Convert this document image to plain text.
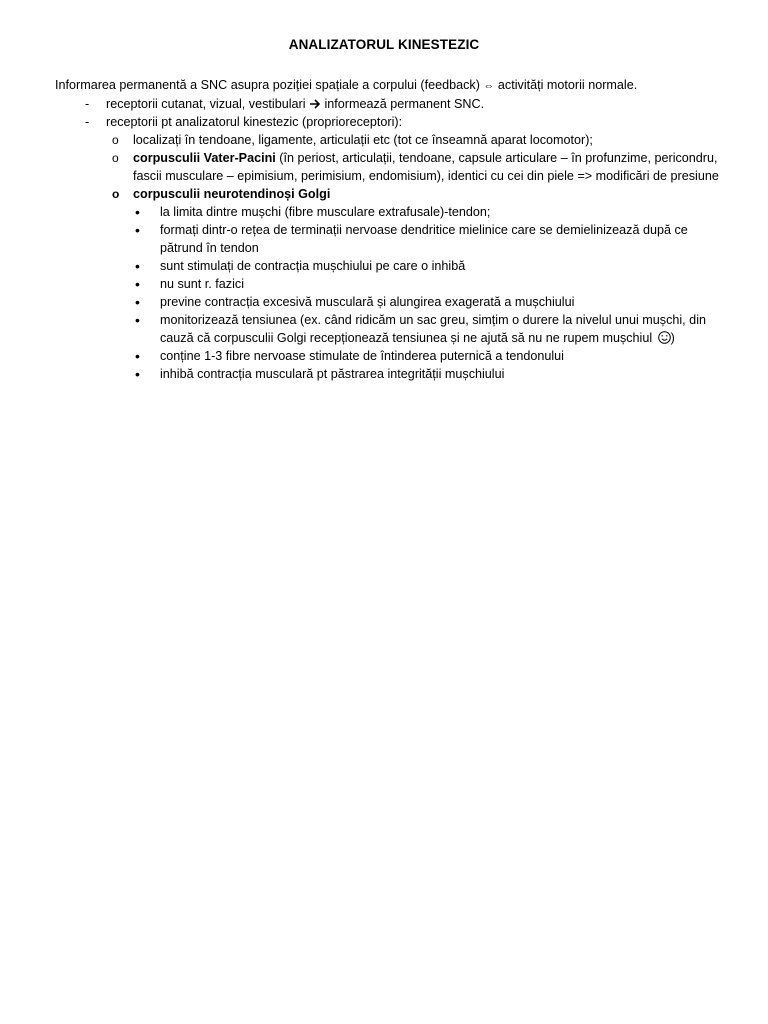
ANALIZATORUL KINESTEZIC

Informarea permanentă a SNC asupra poziției spațiale a corpului (feedback) ⇔ activități motorii normale.

- receptorii cutanat, vizual, vestibulari  informează permanent SNC.
- receptorii pt analizatorul kinestezic (proprioreceptori):
o localizați în tendoane, ligamente, articulații etc (tot ce înseamnă aparat locomotor);
o corpusculii Vater-Pacini (în periost, articulații, tendoane, capsule articulare – în profunzime, pericondru, fascii musculare – epimisium, perimisium, endomisium), identici cu cei din piele => modificări de presiune
o corpusculii neurotendinoși Golgi
• la limita dintre mușchi (fibre musculare extrafusale)-tendon;
• formați dintr-o rețea de terminații nervoase dendritice mielinice care se demielinizează după ce pătrund în tendon
• sunt stimulați de contracția mușchiului pe care o inhibă
• nu sunt r. fazici
• previne contracția excesivă musculară și alungirea exagerată a mușchiului
• monitorizează tensiunea (ex. când ridicăm un sac greu, simțim o durere la nivelul unui mușchi, din cauză că corpusculii Golgi recepționează tensiunea și ne ajută să nu ne rupem mușchiul )
• conține 1-3 fibre nervoase stimulate de întinderea puternică a tendonului
• inhibă contracția musculară pt păstrarea integrității mușchiului
